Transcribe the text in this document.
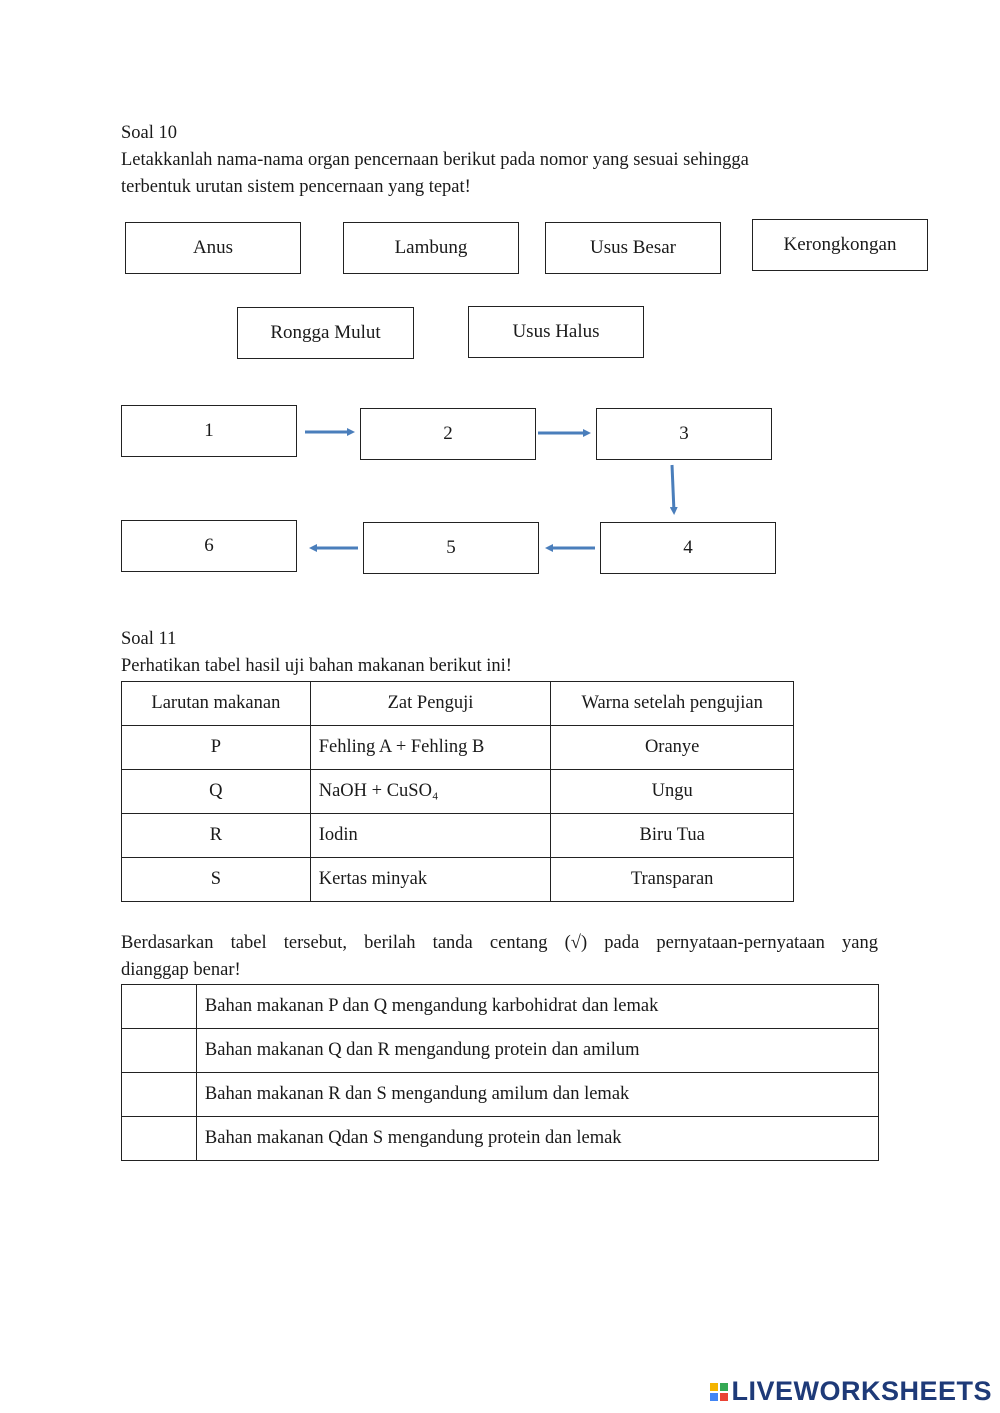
Soal 10
Letakkanlah nama-nama organ pencernaan berikut pada nomor yang sesuai sehingga
terbentuk urutan sistem pencernaan yang tepat!
Anus	Lambung	Usus Besar	Kerongkongan
Rongga Mulut	Usus Halus
1	2	3
4
5
6
Soal 11
Perhatikan tabel hasil uji bahan makanan berikut ini!
Larutan makanan	Zat Penguji	Warna setelah pengujian
P	Fehling A + Fehling B	Oranye
Q	NaOH + CuSO₄	Ungu
R	Iodin	Biru Tua
S	Kertas minyak	Transparan
Berdasarkan tabel tersebut, berilah tanda centang (√) pada pernyataan-pernyataan yang
dianggap benar!
	Bahan makanan P dan Q mengandung karbohidrat dan lemak
	Bahan makanan Q dan R mengandung protein dan amilum
	Bahan makanan R dan S mengandung amilum dan lemak
	Bahan makanan Qdan S mengandung protein dan lemak
LIVEWORKSHEETS
